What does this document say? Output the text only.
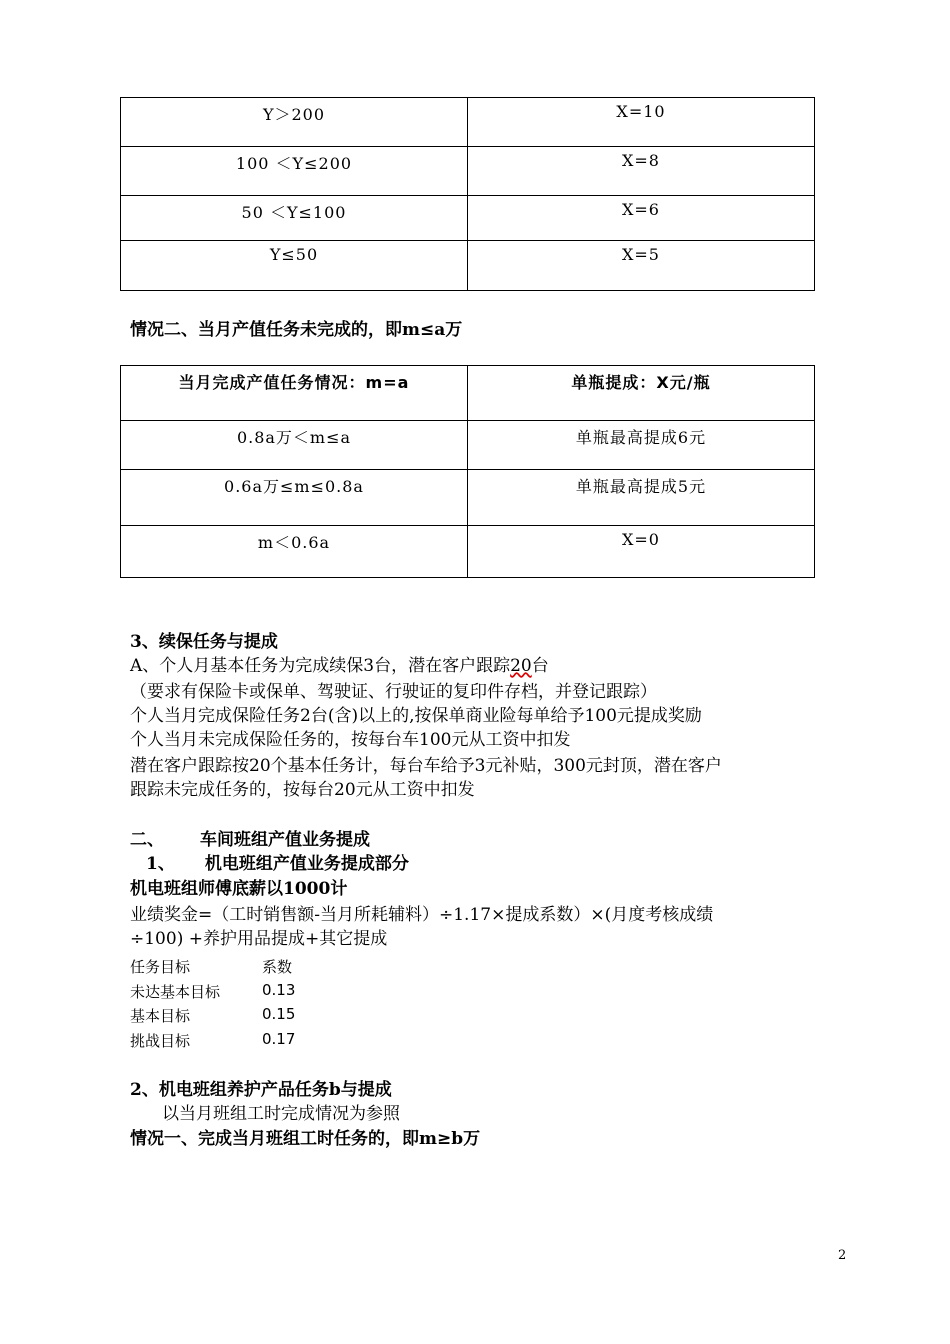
Y＞200	X=10
100 ＜Y≤200	X=8
50 ＜Y≤100	X=6
Y≤50	X=5
情况二、当月产值任务未完成的，即m≤a万
当月完成产值任务情况：m=a	单瓶提成：X元/瓶
0.8a万＜m≤a	单瓶最高提成6元
0.6a万≤m≤0.8a	单瓶最高提成5元
m＜0.6a	X=0
3、续保任务与提成
A、个人月基本任务为完成续保3台，潜在客户跟踪20台
（要求有保险卡或保单、驾驶证、行驶证的复印件存档，并登记跟踪）
个人当月完成保险任务2台(含)以上的,按保单商业险每单给予100元提成奖励
个人当月未完成保险任务的，按每台车100元从工资中扣发
潜在客户跟踪按20个基本任务计，每台车给予3元补贴，300元封顶，潜在客户
跟踪未完成任务的，按每台20元从工资中扣发
二、 车间班组产值业务提成
1、 机电班组产值业务提成部分
机电班组师傅底薪以1000计
业绩奖金=（工时销售额-当月所耗辅料）÷1.17×提成系数）×(月度考核成绩
÷100) +养护用品提成+其它提成
任务目标	系数
未达基本目标	0.13
基本目标	0.15
挑战目标	0.17
2、机电班组养护产品任务b与提成
以当月班组工时完成情况为参照
情况一、完成当月班组工时任务的，即m≥b万
2
